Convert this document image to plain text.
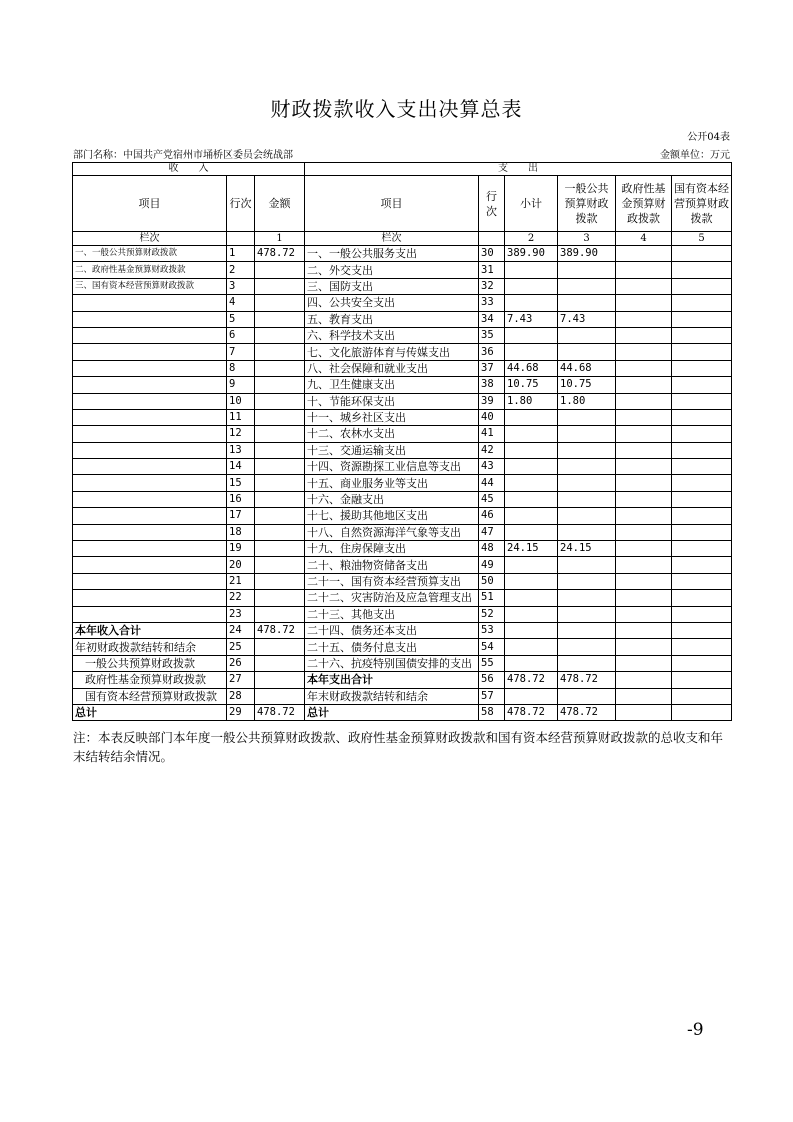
财政拨款收入支出决算总表
公开04表
部门名称：中国共产党宿州市埇桥区委员会统战部	金额单位：万元
收　　入			支　　出					
项目	行次	金额	项目	行次	小计	一般公共预算财政拨款	政府性基金预算财政拨款	国有资本经营预算财政拨款
栏次		1	栏次		2	3	4	5
一、一般公共预算财政拨款	1	478.72	一、一般公共服务支出	30	389.90	389.90		
二、政府性基金预算财政拨款	2		二、外交支出	31				
三、国有资本经营预算财政拨款	3		三、国防支出	32				
	4		四、公共安全支出	33				
	5		五、教育支出	34	7.43	7.43		
	6		六、科学技术支出	35				
	7		七、文化旅游体育与传媒支出	36				
	8		八、社会保障和就业支出	37	44.68	44.68		
	9		九、卫生健康支出	38	10.75	10.75		
	10		十、节能环保支出	39	1.80	1.80		
	11		十一、城乡社区支出	40				
	12		十二、农林水支出	41				
	13		十三、交通运输支出	42				
	14		十四、资源勘探工业信息等支出	43				
	15		十五、商业服务业等支出	44				
	16		十六、金融支出	45				
	17		十七、援助其他地区支出	46				
	18		十八、自然资源海洋气象等支出	47				
	19		十九、住房保障支出	48	24.15	24.15		
	20		二十、粮油物资储备支出	49				
	21		二十一、国有资本经营预算支出	50				
	22		二十二、灾害防治及应急管理支出	51				
	23		二十三、其他支出	52				
本年收入合计	24	478.72	二十四、债务还本支出	53				
年初财政拨款结转和结余	25		二十五、债务付息支出	54				
一般公共预算财政拨款	26		二十六、抗疫特别国债安排的支出	55				
政府性基金预算财政拨款	27		本年支出合计	56	478.72	478.72		
国有资本经营预算财政拨款	28		年末财政拨款结转和结余	57				
总计	29	478.72	总计	58	478.72	478.72		
注：本表反映部门本年度一般公共预算财政拨款、政府性基金预算财政拨款和国有资本经营预算财政拨款的总收支和年末结转结余情况。
-9
